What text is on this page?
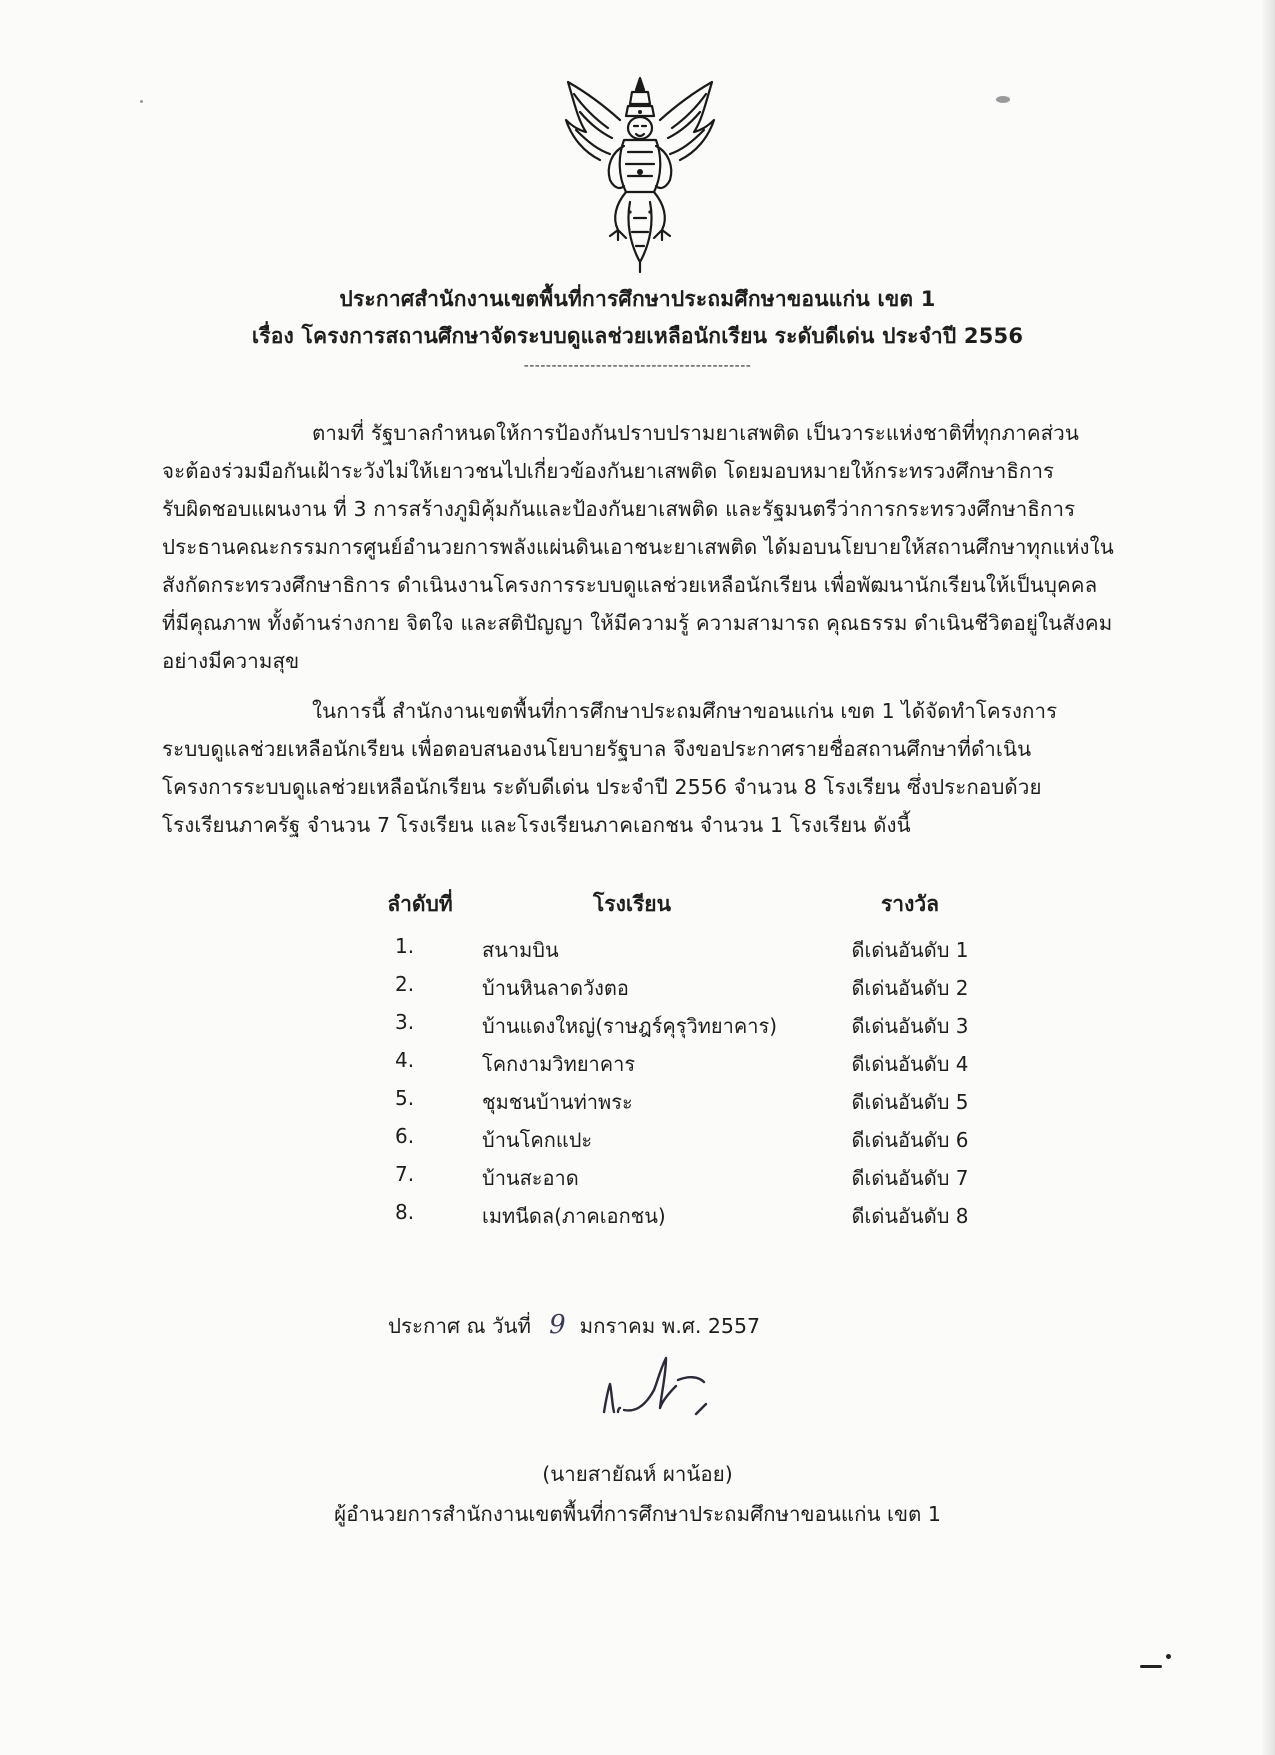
ประกาศสำนักงานเขตพื้นที่การศึกษาประถมศึกษาขอนแก่น เขต 1
เรื่อง โครงการสถานศึกษาจัดระบบดูแลช่วยเหลือนักเรียน ระดับดีเด่น ประจำปี 2556
-----------------------------------------
ตามที่ รัฐบาลกำหนดให้การป้องกันปราบปรามยาเสพติด เป็นวาระแห่งชาติที่ทุกภาคส่วน
จะต้องร่วมมือกันเฝ้าระวังไม่ให้เยาวชนไปเกี่ยวข้องกันยาเสพติด โดยมอบหมายให้กระทรวงศึกษาธิการ
รับผิดชอบแผนงาน ที่ 3 การสร้างภูมิคุ้มกันและป้องกันยาเสพติด และรัฐมนตรีว่าการกระทรวงศึกษาธิการ
ประธานคณะกรรมการศูนย์อำนวยการพลังแผ่นดินเอาชนะยาเสพติด ได้มอบนโยบายให้สถานศึกษาทุกแห่งใน
สังกัดกระทรวงศึกษาธิการ ดำเนินงานโครงการระบบดูแลช่วยเหลือนักเรียน เพื่อพัฒนานักเรียนให้เป็นบุคคล
ที่มีคุณภาพ ทั้งด้านร่างกาย จิตใจ และสติปัญญา ให้มีความรู้ ความสามารถ คุณธรรม ดำเนินชีวิตอยู่ในสังคม
อย่างมีความสุข
ในการนี้ สำนักงานเขตพื้นที่การศึกษาประถมศึกษาขอนแก่น เขต 1 ได้จัดทำโครงการ
ระบบดูแลช่วยเหลือนักเรียน เพื่อตอบสนองนโยบายรัฐบาล จึงขอประกาศรายชื่อสถานศึกษาที่ดำเนิน
โครงการระบบดูแลช่วยเหลือนักเรียน ระดับดีเด่น ประจำปี 2556 จำนวน 8 โรงเรียน ซึ่งประกอบด้วย
โรงเรียนภาครัฐ จำนวน 7 โรงเรียน และโรงเรียนภาคเอกชน จำนวน 1 โรงเรียน ดังนี้
ลำดับที่	โรงเรียน	รางวัล
1.	สนามบิน	ดีเด่นอันดับ 1
2.	บ้านหินลาดวังตอ	ดีเด่นอันดับ 2
3.	บ้านแดงใหญ่(ราษฎร์คุรุวิทยาคาร)	ดีเด่นอันดับ 3
4.	โคกงามวิทยาคาร	ดีเด่นอันดับ 4
5.	ชุมชนบ้านท่าพระ	ดีเด่นอันดับ 5
6.	บ้านโคกแปะ	ดีเด่นอันดับ 6
7.	บ้านสะอาด	ดีเด่นอันดับ 7
8.	เมทนีดล(ภาคเอกชน)	ดีเด่นอันดับ 8
ประกาศ ณ วันที่ 9 มกราคม พ.ศ. 2557
(นายสายัณห์ ผาน้อย)
ผู้อำนวยการสำนักงานเขตพื้นที่การศึกษาประถมศึกษาขอนแก่น เขต 1
